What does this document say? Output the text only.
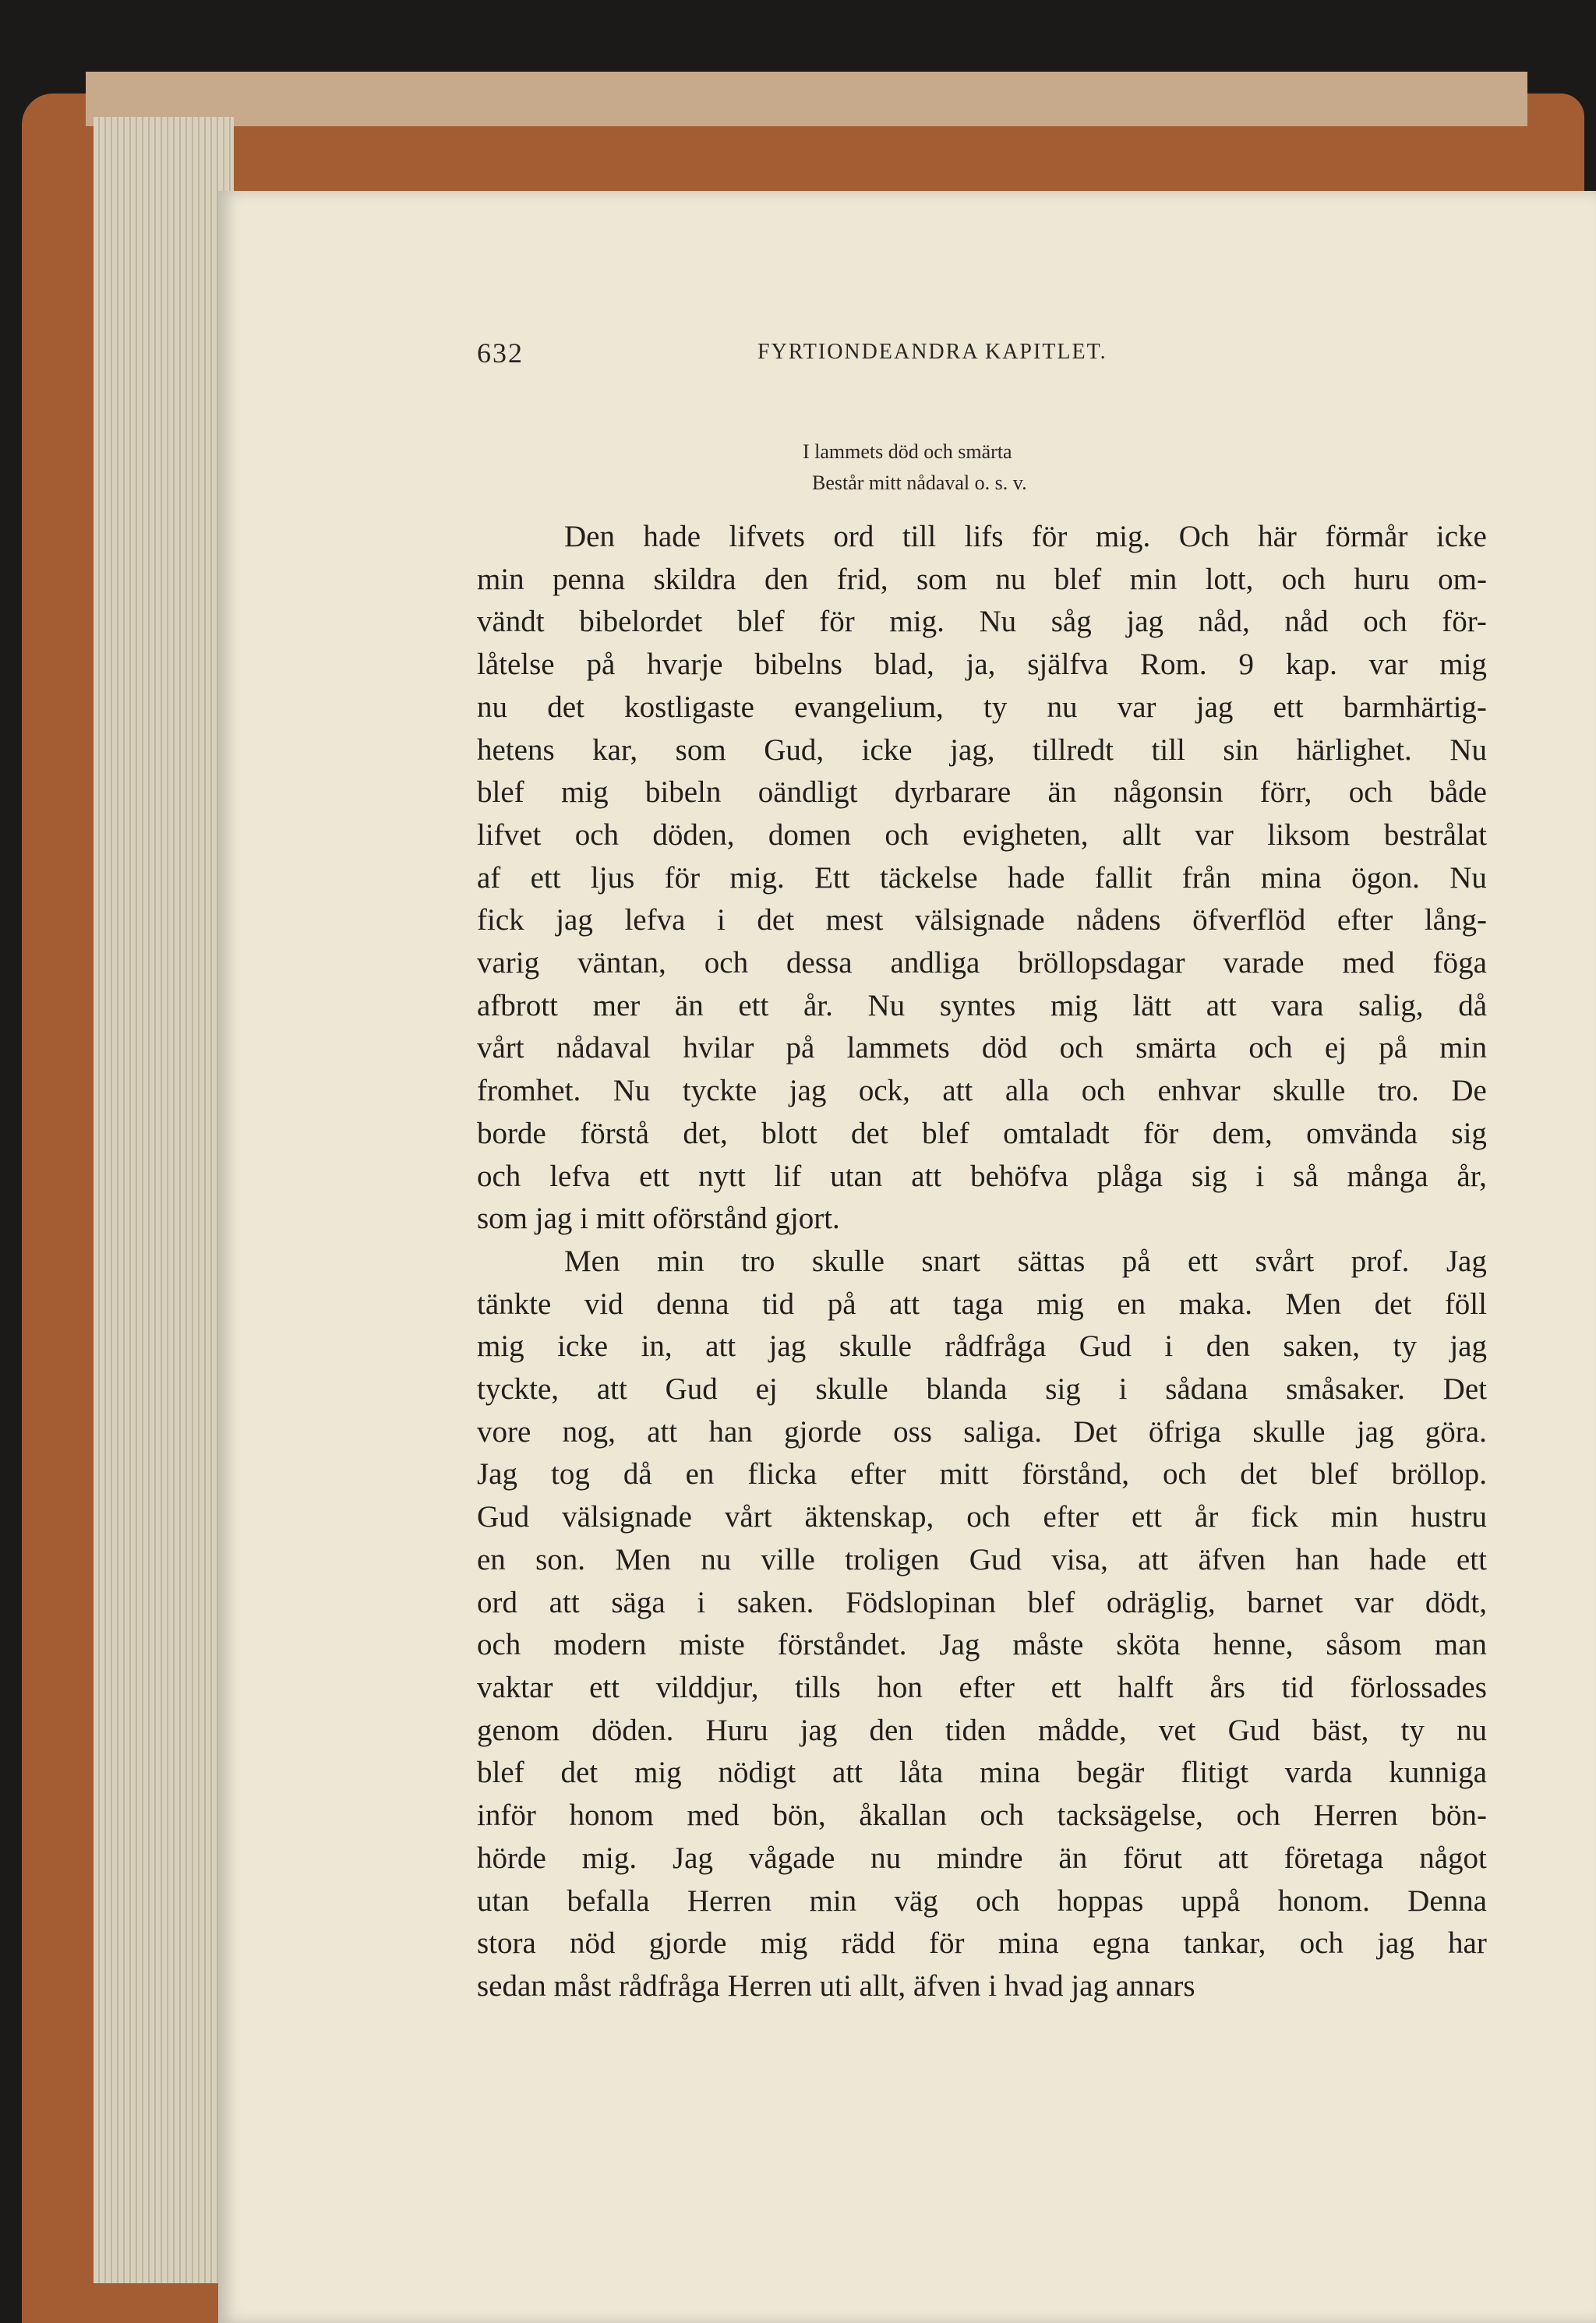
632	FYRTIONDEANDRA KAPITLET.
I lammets död och smärta
Består mitt nådaval o. s. v.
Den hade lifvets ord till lifs för mig. Och här förmår icke
min penna skildra den frid, som nu blef min lott, och huru om-
vändt bibelordet blef för mig. Nu såg jag nåd, nåd och för-
låtelse på hvarje bibelns blad, ja, själfva Rom. 9 kap. var mig
nu det kostligaste evangelium, ty nu var jag ett barmhärtig-
hetens kar, som Gud, icke jag, tillredt till sin härlighet. Nu
blef mig bibeln oändligt dyrbarare än någonsin förr, och både
lifvet och döden, domen och evigheten, allt var liksom bestrålat
af ett ljus för mig. Ett täckelse hade fallit från mina ögon. Nu
fick jag lefva i det mest välsignade nådens öfverflöd efter lång-
varig väntan, och dessa andliga bröllopsdagar varade med föga
afbrott mer än ett år. Nu syntes mig lätt att vara salig, då
vårt nådaval hvilar på lammets död och smärta och ej på min
fromhet. Nu tyckte jag ock, att alla och enhvar skulle tro. De
borde förstå det, blott det blef omtaladt för dem, omvända sig
och lefva ett nytt lif utan att behöfva plåga sig i så många år,
som jag i mitt oförstånd gjort.
Men min tro skulle snart sättas på ett svårt prof. Jag
tänkte vid denna tid på att taga mig en maka. Men det föll
mig icke in, att jag skulle rådfråga Gud i den saken, ty jag
tyckte, att Gud ej skulle blanda sig i sådana småsaker. Det
vore nog, att han gjorde oss saliga. Det öfriga skulle jag göra.
Jag tog då en flicka efter mitt förstånd, och det blef bröllop.
Gud välsignade vårt äktenskap, och efter ett år fick min hustru
en son. Men nu ville troligen Gud visa, att äfven han hade ett
ord att säga i saken. Födslopinan blef odräglig, barnet var dödt,
och modern miste förståndet. Jag måste sköta henne, såsom man
vaktar ett vilddjur, tills hon efter ett halft års tid förlossades
genom döden. Huru jag den tiden mådde, vet Gud bäst, ty nu
blef det mig nödigt att låta mina begär flitigt varda kunniga
inför honom med bön, åkallan och tacksägelse, och Herren bön-
hörde mig. Jag vågade nu mindre än förut att företaga något
utan befalla Herren min väg och hoppas uppå honom. Denna
stora nöd gjorde mig rädd för mina egna tankar, och jag har
sedan måst rådfråga Herren uti allt, äfven i hvad jag annars
